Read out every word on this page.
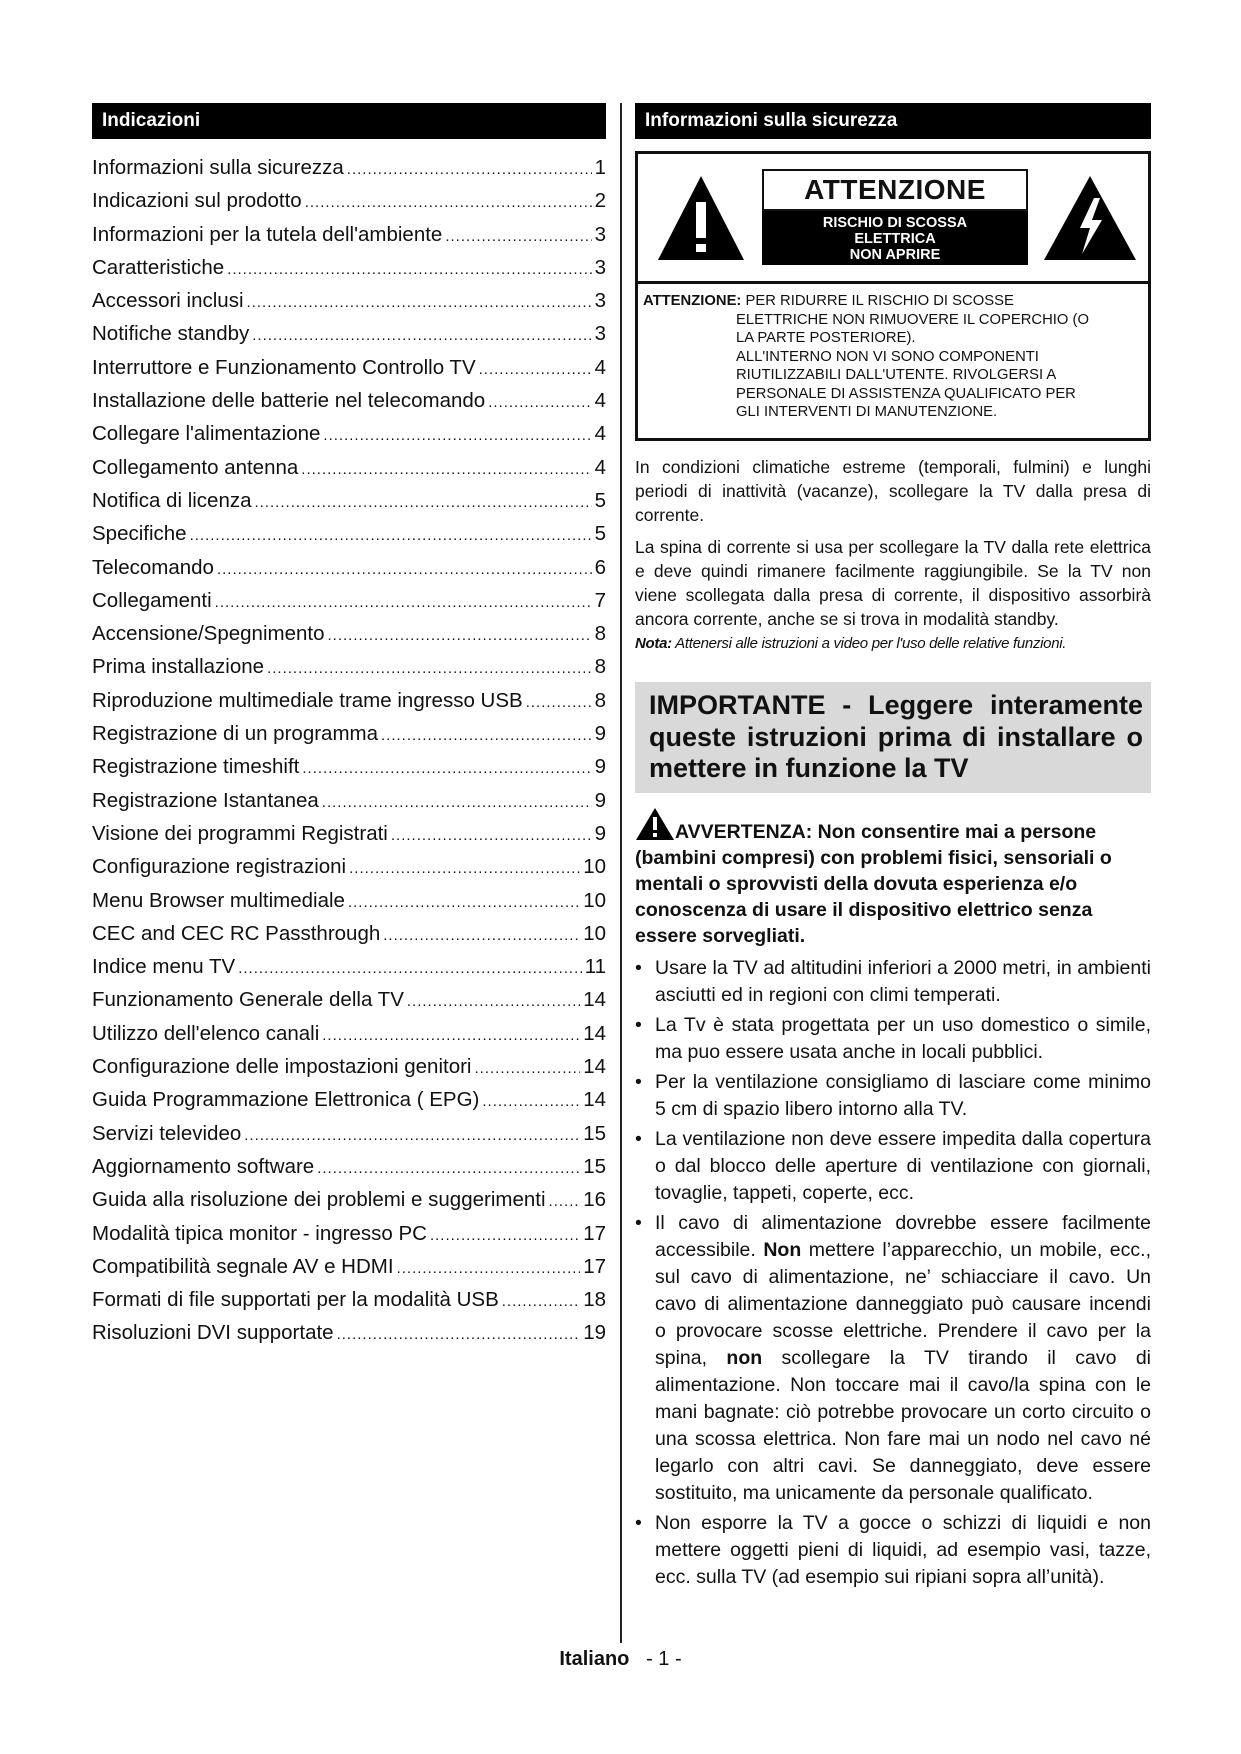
Indicazioni
Informazioni sulla sicurezza .....	1
Indicazioni sul prodotto .....	2
Informazioni per la tutela dell'ambiente .....	3
Caratteristiche .....	3
Accessori inclusi .....	3
Notifiche standby .....	3
Interruttore e Funzionamento Controllo TV .....	4
Installazione delle batterie nel telecomando .....	4
Collegare l'alimentazione .....	4
Collegamento antenna .....	4
Notifica di licenza .....	5
Specifiche .....	5
Telecomando .....	6
Collegamenti .....	7
Accensione/Spegnimento .....	8
Prima installazione .....	8
Riproduzione multimediale trame ingresso USB .....	8
Registrazione di un programma .....	9
Registrazione timeshift .....	9
Registrazione Istantanea .....	9
Visione dei programmi Registrati .....	9
Configurazione registrazioni .....	10
Menu Browser multimediale .....	10
CEC and CEC RC Passthrough .....	10
Indice menu TV .....	11
Funzionamento Generale della TV .....	14
Utilizzo dell'elenco canali .....	14
Configurazione delle impostazioni genitori .....	14
Guida Programmazione Elettronica ( EPG) .....	14
Servizi televideo .....	15
Aggiornamento software .....	15
Guida alla risoluzione dei problemi e suggerimenti ..... 16
Modalità tipica monitor - ingresso PC .....	17
Compatibilità segnale AV e HDMI .....	17
Formati di file supportati per la modalità USB .....	18
Risoluzioni DVI supportate .....	19
Informazioni sulla sicurezza
ATTENZIONE
RISCHIO DI SCOSSA
ELETTRICA
NON APRIRE
ATTENZIONE: PER RIDURRE IL RISCHIO DI SCOSSE
ELETTRICHE NON RIMUOVERE IL COPERCHIO (O
LA PARTE POSTERIORE).
ALL'INTERNO NON VI SONO COMPONENTI
RIUTILIZZABILI DALL'UTENTE. RIVOLGERSI A
PERSONALE DI ASSISTENZA QUALIFICATO PER
GLI INTERVENTI DI MANUTENZIONE.

In condizioni climatiche estreme (temporali, fulmini) e lunghi periodi di inattività (vacanze), scollegare la TV dalla presa di corrente.

La spina di corrente si usa per scollegare la TV dalla rete elettrica e deve quindi rimanere facilmente raggiungibile. Se la TV non viene scollegata dalla presa di corrente, il dispositivo assorbirà ancora corrente, anche se si trova in modalità standby.

Nota: Attenersi alle istruzioni a video per l'uso delle relative funzioni.
IMPORTANTE - Leggere interamente queste istruzioni prima di installare o mettere in funzione la TV
AVVERTENZA: Non consentire mai a persone (bambini compresi) con problemi fisici, sensoriali o mentali o sprovvisti della dovuta esperienza e/o conoscenza di usare il dispositivo elettrico senza essere sorvegliati.
• Usare la TV ad altitudini inferiori a 2000 metri, in ambienti asciutti ed in regioni con climi temperati.
• La Tv è stata progettata per un uso domestico o simile, ma puo essere usata anche in locali pubblici.
• Per la ventilazione consigliamo di lasciare come minimo 5 cm di spazio libero intorno alla TV.
• La ventilazione non deve essere impedita dalla copertura o dal blocco delle aperture di ventilazione con giornali, tovaglie, tappeti, coperte, ecc.
• Il cavo di alimentazione dovrebbe essere facilmente accessibile. Non mettere l’apparecchio, un mobile, ecc., sul cavo di alimentazione, ne’ schiacciare il cavo. Un cavo di alimentazione danneggiato può causare incendi o provocare scosse elettriche. Prendere il cavo per la spina, non scollegare la TV tirando il cavo di alimentazione. Non toccare mai il cavo/la spina con le mani bagnate: ciò potrebbe provocare un corto circuito o una scossa elettrica. Non fare mai un nodo nel cavo né legarlo con altri cavi. Se danneggiato, deve essere sostituito, ma unicamente da personale qualificato.
• Non esporre la TV a gocce o schizzi di liquidi e non mettere oggetti pieni di liquidi, ad esempio vasi, tazze, ecc. sulla TV (ad esempio sui ripiani sopra all’unità).
Italiano - 1 -
